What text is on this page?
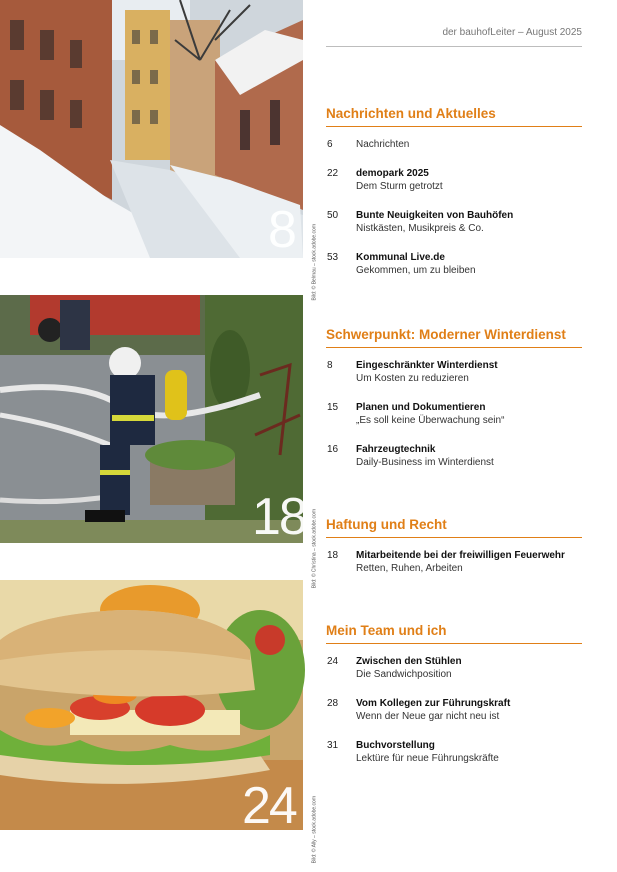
der bauhofLeiter – August 2025
8	Bild: © Belmau – stock.adobe.com
18 Bild: © Christina – stock.adobe.com
24	Bild: © Ally – stock.adobe.com
Nachrichten und Aktuelles
6	Nachrichten
22	demopark 2025
Dem Sturm getrotzt
50	Bunte Neuigkeiten von Bauhöfen
Nistkästen, Musikpreis & Co.
53	Kommunal Live.de
Gekommen, um zu bleiben
Schwerpunkt: Moderner Winterdienst
8	Eingeschränkter Winterdienst
Um Kosten zu reduzieren
15	Planen und Dokumentieren
„Es soll keine Überwachung sein“
16	Fahrzeugtechnik
Daily-Business im Winterdienst
Haftung und Recht
18	Mitarbeitende bei der freiwilligen Feuerwehr
Retten, Ruhen, Arbeiten
Mein Team und ich
24	Zwischen den Stühlen
Die Sandwichposition
28	Vom Kollegen zur Führungskraft
Wenn der Neue gar nicht neu ist
31	Buchvorstellung
Lektüre für neue Führungskräfte
